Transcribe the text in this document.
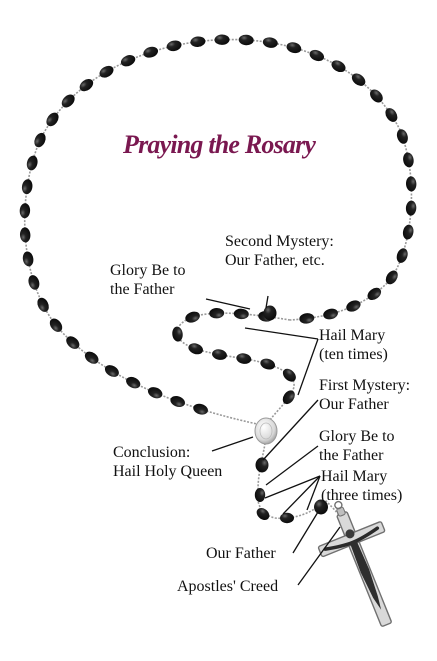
Praying the Rosary
Second Mystery:
Our Father, etc.
Glory Be to
the Father
Hail Mary
(ten times)
First Mystery:
Our Father
Conclusion:
Hail Holy Queen
Glory Be to
the Father
Hail Mary
(three times)
Our Father
Apostles' Creed
